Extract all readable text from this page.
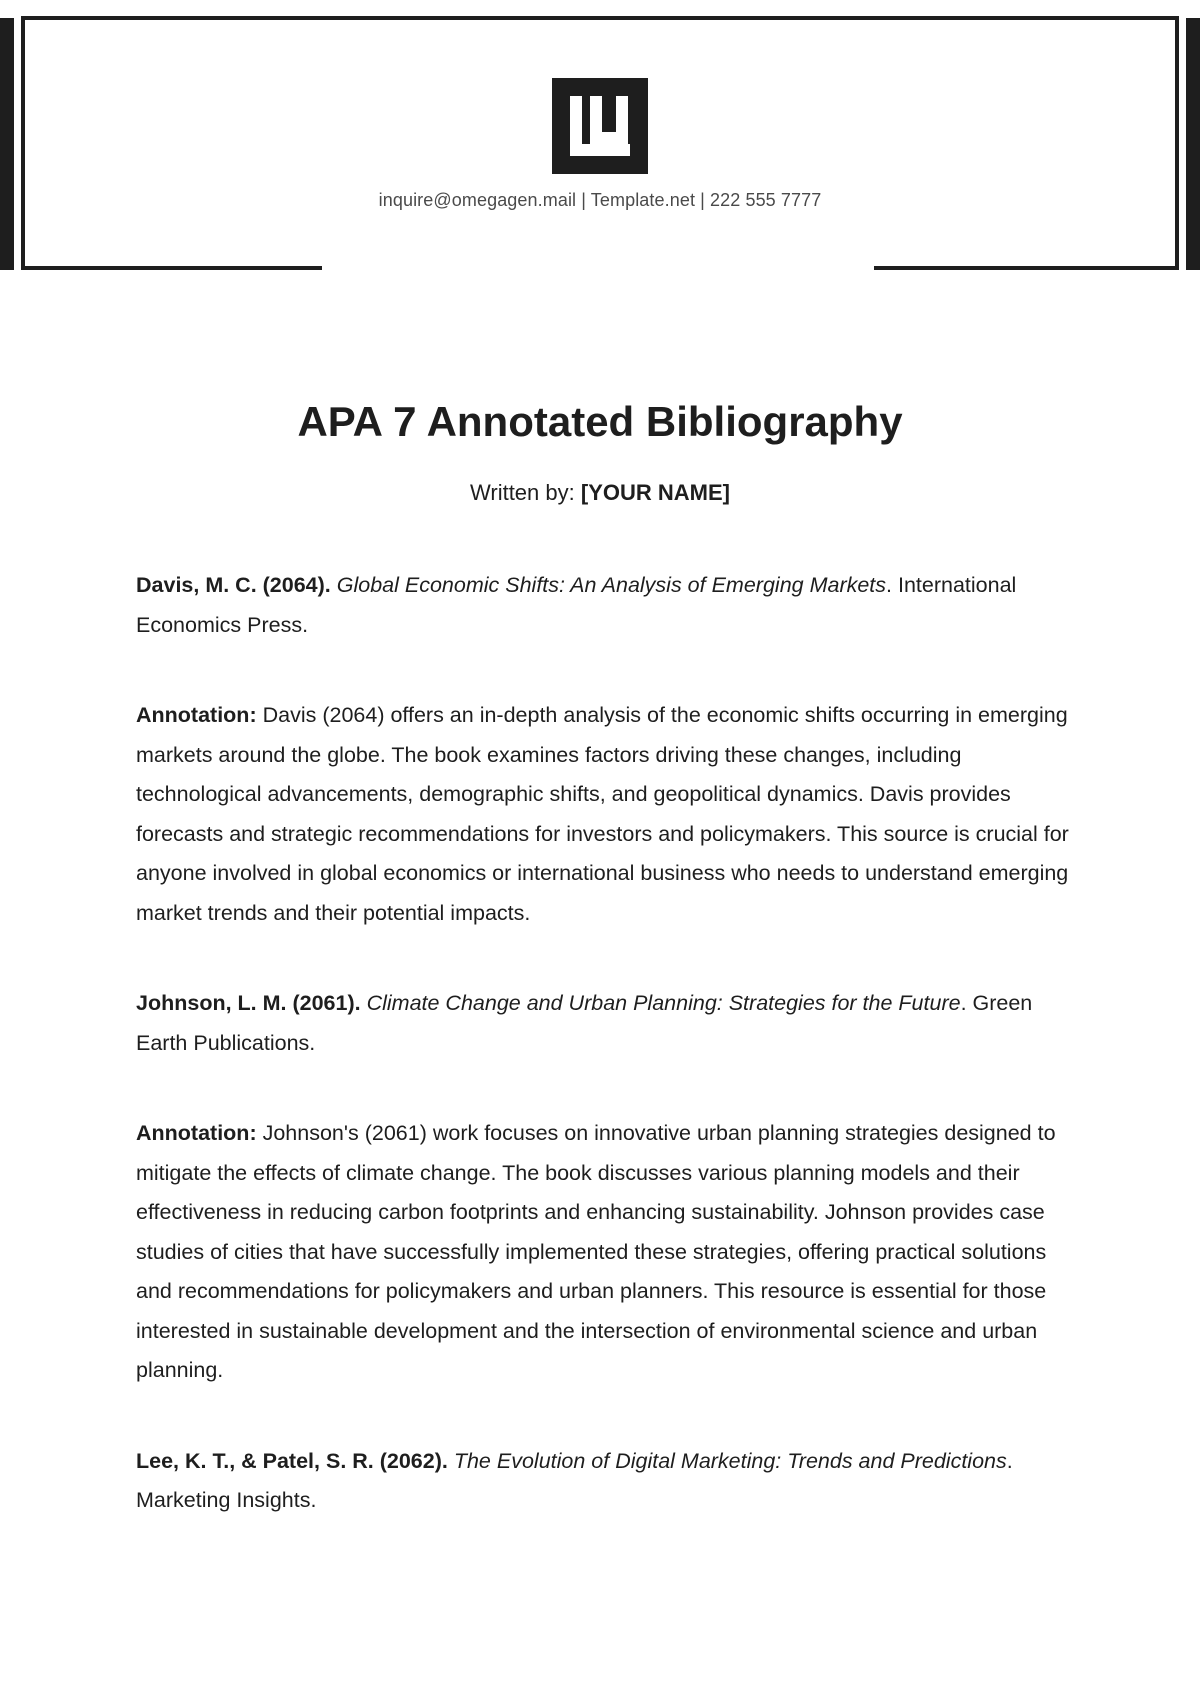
inquire@omegagen.mail | Template.net | 222 555 7777
APA 7 Annotated Bibliography
Written by: [YOUR NAME]

Davis, M. C. (2064). Global Economic Shifts: An Analysis of Emerging Markets. International Economics Press.

Annotation: Davis (2064) offers an in-depth analysis of the economic shifts occurring in emerging markets around the globe. The book examines factors driving these changes, including technological advancements, demographic shifts, and geopolitical dynamics. Davis provides forecasts and strategic recommendations for investors and policymakers. This source is crucial for anyone involved in global economics or international business who needs to understand emerging market trends and their potential impacts.

Johnson, L. M. (2061). Climate Change and Urban Planning: Strategies for the Future. Green Earth Publications.

Annotation: Johnson's (2061) work focuses on innovative urban planning strategies designed to mitigate the effects of climate change. The book discusses various planning models and their effectiveness in reducing carbon footprints and enhancing sustainability. Johnson provides case studies of cities that have successfully implemented these strategies, offering practical solutions and recommendations for policymakers and urban planners. This resource is essential for those interested in sustainable development and the intersection of environmental science and urban planning.

Lee, K. T., & Patel, S. R. (2062). The Evolution of Digital Marketing: Trends and Predictions. Marketing Insights.
